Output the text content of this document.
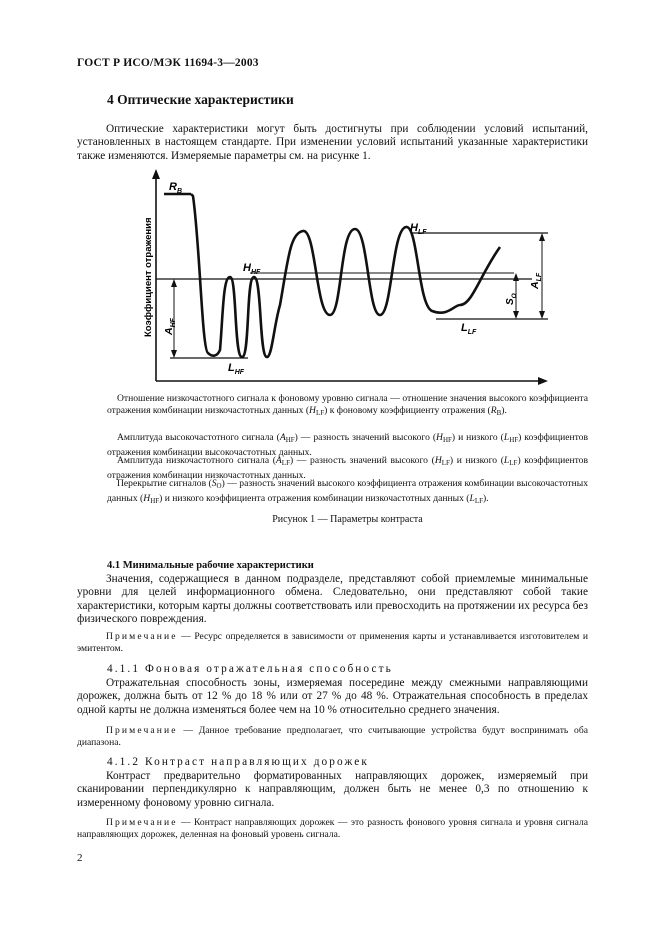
ГОСТ Р ИСО/МЭК 11694-3—2003
4 Оптические характеристики
Оптические характеристики могут быть достигнуты при соблюдении условий испытаний, установленных в настоящем стандарте. При изменении условий испытаний указанные характеристики также изменяются. Измеряемые параметры см. на рисунке 1.
Коэффициент отражения
$R_B$
$H_{HF}$
$L_{HF}$
$H_{LF}$
$L_{LF}$
$A_{HF}$
$A_{LF}$
$S_O$
Отношение низкочастотного сигнала к фоновому уровню сигнала — отношение значения высокого коэффициента отражения комбинации низкочастотных данных $(H_{LF})$ к фоновому коэффициенту отражения $(R_B)$.
Амплитуда высокочастотного сигнала $(A_{HF})$ — разность значений высокого $(H_{HF})$ и низкого $(L_{HF})$ коэффициентов отражения комбинации высокочастотных данных.
Амплитуда низкочастотного сигнала $(A_{LF})$ — разность значений высокого $(H_{LF})$ и низкого $(L_{LF})$ коэффициентов отражения комбинации низкочастотных данных.
Перекрытие сигналов $(S_O)$ — разность значений высокого коэффициента отражения комбинации высокочастотных данных $(H_{HF})$ и низкого коэффициента отражения комбинации низкочастотных данных $(L_{LF})$.
Рисунок 1 — Параметры контраста
4.1 Минимальные рабочие характеристики
Значения, содержащиеся в данном подразделе, представляют собой приемлемые минимальные уровни для целей информационного обмена. Следовательно, они представляют собой такие характеристики, которым карты должны соответствовать или превосходить на протяжении их ресурса без физического повреждения.
Примечание — Ресурс определяется в зависимости от применения карты и устанавливается изготовителем и эмитентом.
4.1.1 Фоновая отражательная способность
Отражательная способность зоны, измеряемая посередине между смежными направляющими дорожек, должна быть от 12 % до 18 % или от 27 % до 48 %. Отражательная способность в пределах одной карты не должна изменяться более чем на 10 % относительно среднего значения.
Примечание — Данное требование предполагает, что считывающие устройства будут воспринимать оба диапазона.
4.1.2 Контраст направляющих дорожек
Контраст предварительно форматированных направляющих дорожек, измеряемый при сканировании перпендикулярно к направляющим, должен быть не менее 0,3 по отношению к измеренному фоновому уровню сигнала.
Примечание — Контраст направляющих дорожек — это разность фонового уровня сигнала и уровня сигнала направляющих дорожек, деленная на фоновый уровень сигнала.
2
